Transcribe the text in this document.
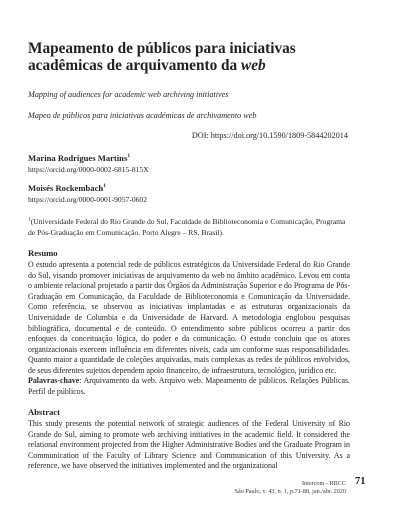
Mapeamento de públicos para iniciativas acadêmicas de arquivamento da web

Mapping of audiences for academic web archiving initiatives

Mapeo de públicos para iniciativas académicas de archivamento web

DOI: https://doi.org/10.1590/1809-5844202014
Marina Rodrigues Martins$^1$
https://orcid.org/0000-0002-6815-815X
Moisés Rockembach$^1$
https://orcid.org/0000-0001-9057-0602

$^1$(Universidade Federal do Rio Grande do Sul, Faculdade de Biblioteconomia e Comunicação, Programa de Pós-Graduação em Comunicação. Porto Alegre – RS, Brasil).

Resumo

O estudo apresenta a potencial rede de públicos estratégicos da Universidade Federal do Rio Grande do Sul, visando promover iniciativas de arquivamento da web no âmbito acadêmico. Levou em conta o ambiente relacional projetado a partir dos Órgãos da Administração Superior e do Programa de Pós-Graduação em Comunicação, da Faculdade de Biblioteconomia e Comunicação da Universidade. Como referência, se observou as iniciativas implantadas e as estruturas organizacionais da Universidade de Columbia e da Universidade de Harvard. A metodologia englobou pesquisas bibliográfica, documental e de conteúdo. O entendimento sobre públicos ocorreu a partir dos enfoques da conceituação lógica, do poder e da comunicação. O estudo concluiu que os atores organizacionais exercem influência em diferentes níveis, cada um conforme suas responsabilidades. Quanto maior a quantidade de coleções arquivadas, mais complexas as redes de públicos envolvidos, de seus diferentes sujeitos dependem apoio financeiro, de infraestrutura, tecnológico, jurídico etc.

Palavras-chave: Arquivamento da web. Arquivo web. Mapeamento de públicos. Relações Públicas. Perfil de públicos.

Abstract

This study presents the potential network of strategic audiences of the Federal University of Rio Grande do Sul, aiming to promote web archiving initiatives in the academic field. It considered the relational environment projected from the Higher Administrative Bodies and the Graduate Program in Communication of the Faculty of Library Science and Communication of this University. As a reference, we have observed the initiatives implemented and the organizational

Intercom - RBCC
São Paulo, v. 43, n. 1, p.71-88, jan./abr. 2020
71
